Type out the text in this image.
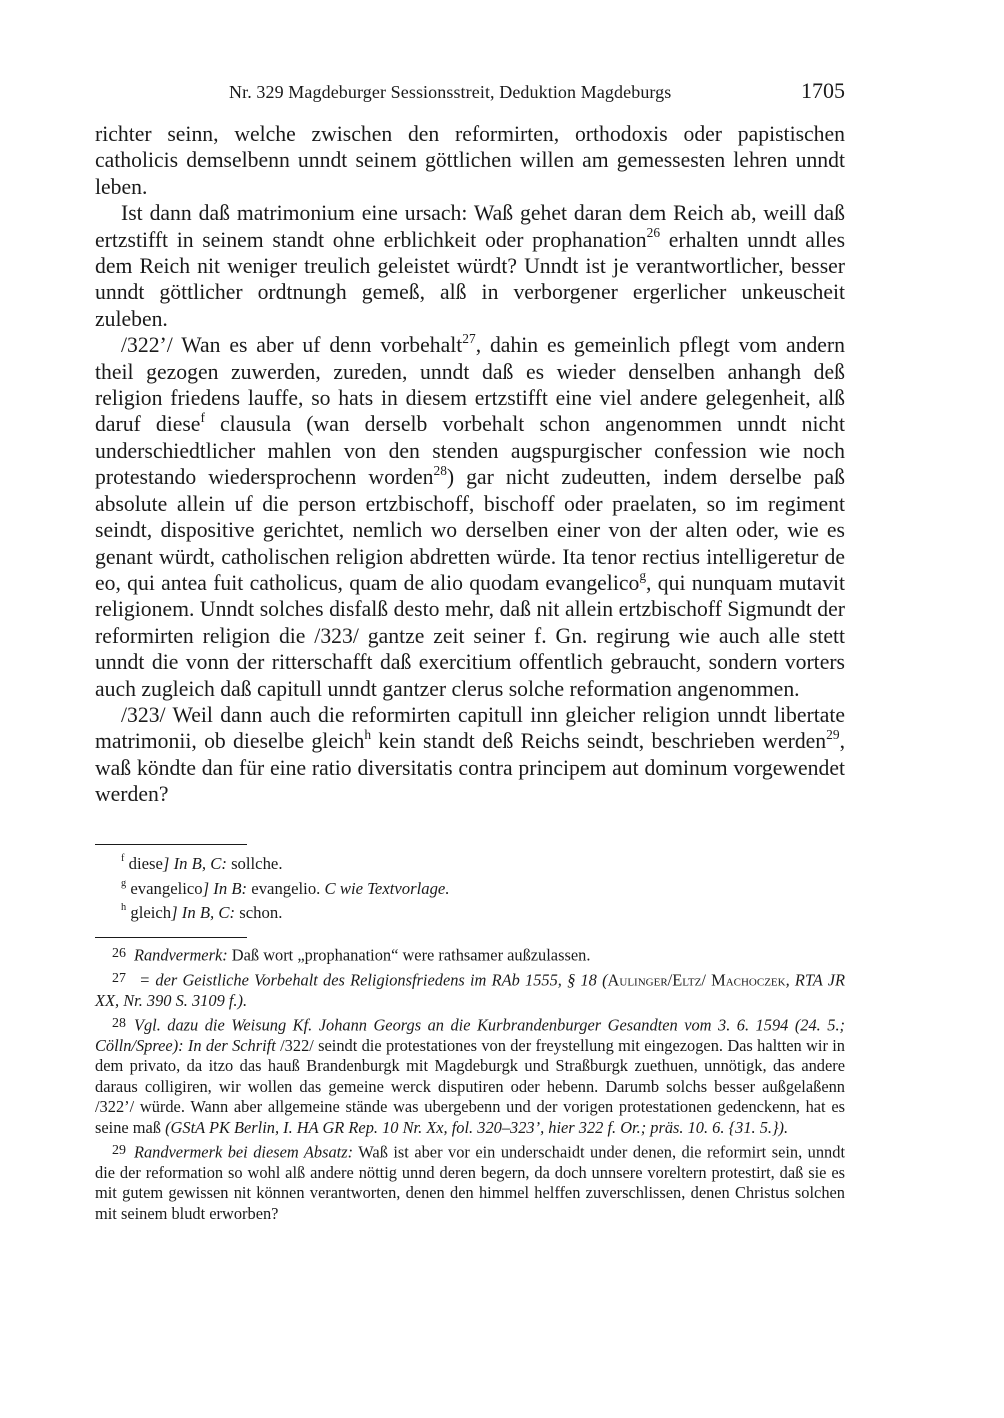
Nr. 329 Magdeburger Sessionsstreit, Deduktion Magdeburgs	1705

richter seinn, welche zwischen den reformirten, orthodoxis oder papistischen catholicis demselbenn unndt seinem göttlichen willen am gemessesten lehren unndt leben.

Ist dann daß matrimonium eine ursach: Waß gehet daran dem Reich ab, weill daß ertzstifft in seinem standt ohne erblichkeit oder prophanation$^{26}$ erhalten unndt alles dem Reich nit weniger treulich geleistet würdt? Unndt ist je verantwortlicher, besser unndt göttlicher ordtnungh gemeß, alß in verborgener ergerlicher unkeuscheit zuleben.

/322’/ Wan es aber uf denn vorbehalt$^{27}$, dahin es gemeinlich pflegt vom andern theil gezogen zuwerden, zureden, unndt daß es wieder denselben anhangh deß religion friedens lauffe, so hats in diesem ertzstifft eine viel andere gelegenheit, alß daruf diese$^f$ clausula (wan derselb vorbehalt schon angenommen unndt nicht underschiedtlicher mahlen von den stenden augspurgischer confession wie noch protestando wiedersprochenn worden$^{28}$) gar nicht zudeutten, indem derselbe paß absolute allein uf die person ertzbischoff, bischoff oder praelaten, so im regiment seindt, dispositive gerichtet, nemlich wo derselben einer von der alten oder, wie es genant würdt, catholischen religion abdretten würde. Ita tenor rectius intelligeretur de eo, qui antea fuit catholicus, quam de alio quodam evangelico$^g$, qui nunquam mutavit religionem. Unndt solches disfalß desto mehr, daß nit allein ertzbischoff Sigmundt der reformirten religion die /323/ gantze zeit seiner f. Gn. regirung wie auch alle stett unndt die vonn der ritterschafft daß exercitium offentlich gebraucht, sondern vorters auch zugleich daß capitull unndt gantzer clerus solche reformation angenommen.

/323/ Weil dann auch die reformirten capitull inn gleicher religion unndt libertate matrimonii, ob dieselbe gleich$^h$ kein standt deß Reichs seindt, beschrieben werden$^{29}$, waß köndte dan für eine ratio diversitatis contra principem aut dominum vorgewendet werden?

$^f$ diese] In B, C: sollche.

$^g$ evangelico] In B: evangelio. C wie Textvorlage.

$^h$ gleich] In B, C: schon.

26 Randvermerk: Daß wort „prophanation“ were rathsamer außzulassen.

27 = der Geistliche Vorbehalt des Religionsfriedens im RAb 1555, § 18 (Aulinger/Eltz/ Machoczek, RTA JR XX, Nr. 390 S. 3109 f.).

28 Vgl. dazu die Weisung Kf. Johann Georgs an die Kurbrandenburger Gesandten vom 3. 6. 1594 (24. 5.; Cölln/Spree): In der Schrift /322/ seindt die protestationes von der freystellung mit eingezogen. Das haltten wir in dem privato, da itzo das hauß Brandenburgk mit Magdeburgk und Straßburgk zuethuen, unnötigk, das andere daraus colligiren, wir wollen das gemeine werck disputiren oder hebenn. Darumb solchs besser außgelaßenn /322’/ würde. Wann aber allgemeine stände was ubergebenn und der vorigen protestationen gedenckenn, hat es seine maß (GStA PK Berlin, I. HA GR Rep. 10 Nr. Xx, fol. 320–323’, hier 322 f. Or.; präs. 10. 6. {31. 5.}).

29 Randvermerk bei diesem Absatz: Waß ist aber vor ein underschaidt under denen, die reformirt sein, unndt die der reformation so wohl alß andere nöttig unnd deren begern, da doch unnsere voreltern protestirt, daß sie es mit gutem gewissen nit können verantworten, denen den himmel helffen zuverschlissen, denen Christus solchen mit seinem bludt erworben?
